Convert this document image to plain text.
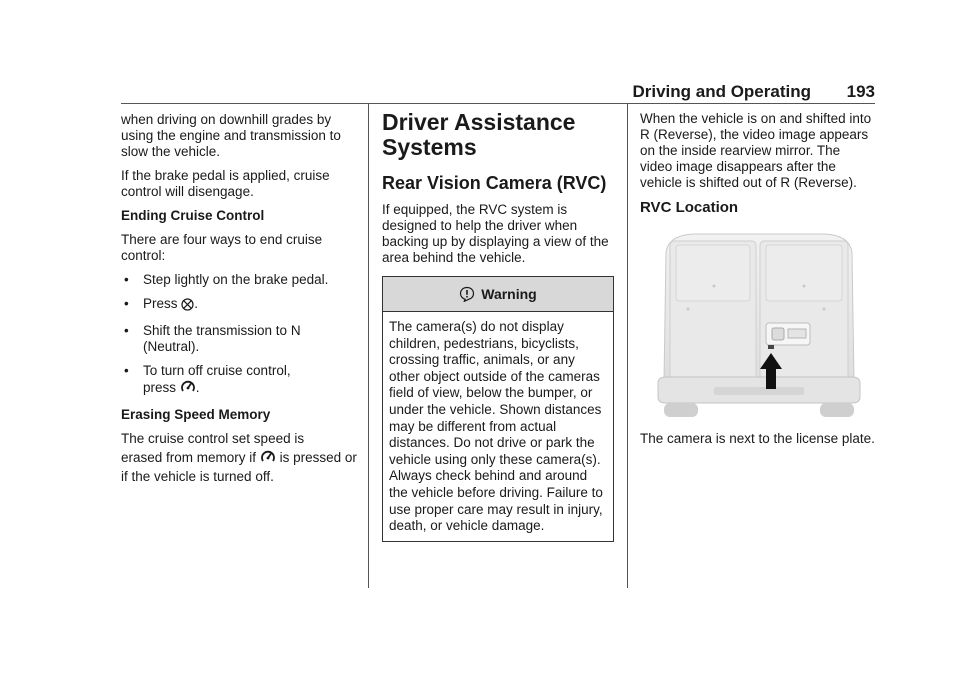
Driving and Operating 193

when driving on downhill grades by using the engine and transmission to slow the vehicle.

If the brake pedal is applied, cruise control will disengage.

Ending Cruise Control

There are four ways to end cruise control:

• Step lightly on the brake pedal.
• Press .
• Shift the transmission to N (Neutral).
• To turn off cruise control,
press .
Erasing Speed Memory

The cruise control set speed is

erased from memory if is pressed or if the vehicle is turned off.

Driver Assistance Systems
Rear Vision Camera (RVC)

If equipped, the RVC system is designed to help the driver when backing up by displaying a view of the area behind the vehicle.

Warning
The camera(s) do not display children, pedestrians, bicyclists, crossing traffic, animals, or any other object outside of the cameras field of view, below the bumper, or under the vehicle. Shown distances may be different from actual distances. Do not drive or park the vehicle using only these camera(s). Always check behind and around the vehicle before driving. Failure to use proper care may result in injury, death, or vehicle damage.

When the vehicle is on and shifted into R (Reverse), the video image appears on the inside rearview mirror. The video image disappears after the vehicle is shifted out of R (Reverse).

RVC Location

The camera is next to the license plate.
